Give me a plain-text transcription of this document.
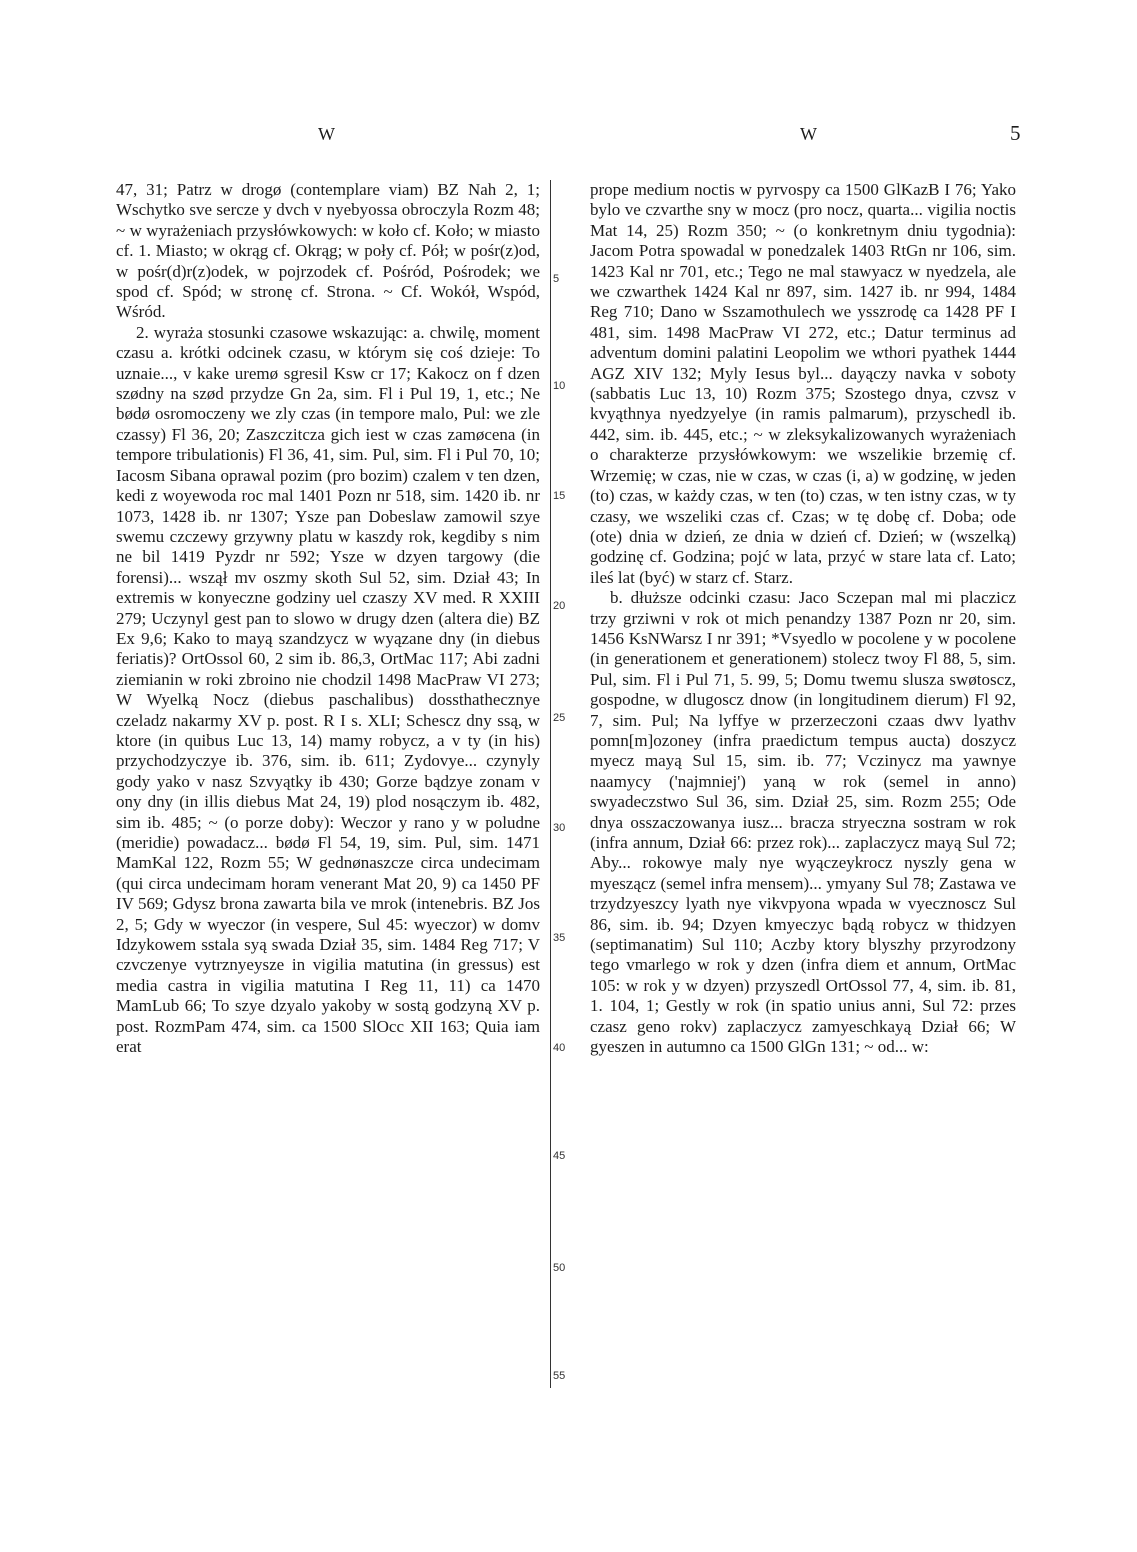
W	W	5

47, 31; Patrz w drogø (contemplare viam) BZ Nah 2, 1; Wschytko sve sercze y dvch v nyebyossa obroczyla Rozm 48; ~ w wyrażeniach przysłówkowych: w koło cf. Koło; w miasto cf. 1. Miasto; w okrąg cf. Okrąg; w poły cf. Pół; w pośr(z)od, w pośr(d)r(z)odek, w pojrzodek cf. Pośród, Pośrodek; we spod cf. Spód; w stronę cf. Strona. ~ Cf. Wokół, Wspód, Wśród.

2. wyraża stosunki czasowe wskazując: a. chwilę, moment czasu a. krótki odcinek czasu, w którym się coś dzieje: To uznaie..., v kake uremø sgresil Ksw cr 17; Kakocz on f dzen szødny na szød przydze Gn 2a, sim. Fl i Pul 19, 1, etc.; Ne bødø osromoczeny we zly czas (in tempore malo, Pul: we zle czassy) Fl 36, 20; Zaszczitcza gich iest w czas zamøcena (in tempore tribulationis) Fl 36, 41, sim. Pul, sim. Fl i Pul 70, 10; Iacosm Sibana oprawal pozim (pro bozim) czalem v ten dzen, kedi z woyewoda roc mal 1401 Pozn nr 518, sim. 1420 ib. nr 1073, 1428 ib. nr 1307; Ysze pan Dobeslaw zamowil szye swemu czczewy grzywny platu w kaszdy rok, kegdiby s nim ne bil 1419 Pyzdr nr 592; Ysze w dzyen targowy (die forensi)... wszął mv oszmy skoth Sul 52, sim. Dział 43; In extremis w konyeczne godziny uel czaszy XV med. R XXIII 279; Uczynyl gest pan to slowo w drugy dzen (altera die) BZ Ex 9,6; Kako to mayą szandzycz w wyązane dny (in diebus feriatis)? OrtOssol 60, 2 sim ib. 86,3, OrtMac 117; Abi zadni ziemianin w roki zbroino nie chodzil 1498 MacPraw VI 273; W Wyelką Nocz (diebus paschalibus) dossthathecznye czeladz nakarmy XV p. post. R I s. XLI; Schescz dny ssą, w ktore (in quibus Luc 13, 14) mamy robycz, a v ty (in his) przychodzyczye ib. 376, sim. ib. 611; Zydovye... czynyly gody yako v nasz Szvyątky ib 430; Gorze bądzye zonam v ony dny (in illis diebus Mat 24, 19) plod nosączym ib. 482, sim ib. 485; ~ (o porze doby): Weczor y rano y w poludne (meridie) powadacz... bødø Fl 54, 19, sim. Pul, sim. 1471 MamKal 122, Rozm 55; W gednønaszcze circa undecimam (qui circa undecimam horam venerant Mat 20, 9) ca 1450 PF IV 569; Gdysz brona zawarta bila ve mrok (intenebris. BZ Jos 2, 5; Gdy w wyeczor (in vespere, Sul 45: wyeczor) w domv Idzykowem sstala syą swada Dział 35, sim. 1484 Reg 717; V czvczenye vytrznyeysze in vigilia matutina (in gressus) est media castra in vigilia matutina I Reg 11, 11) ca 1470 MamLub 66; To szye dzyalo yakoby w sostą godzyną XV p. post. RozmPam 474, sim. ca 1500 SlOcc XII 163; Quia iam erat

5
10
15
20
25
30
35
40
45
50
55

prope medium noctis w pyrvospy ca 1500 GlKazB I 76; Yako bylo ve czvarthe sny w mocz (pro nocz, quarta... vigilia noctis Mat 14, 25) Rozm 350; ~ (o konkretnym dniu tygodnia): Jacom Potra spowadal w ponedzalek 1403 RtGn nr 106, sim. 1423 Kal nr 701, etc.; Tego ne mal stawyacz w nyedzela, ale we czwarthek 1424 Kal nr 897, sim. 1427 ib. nr 994, 1484 Reg 710; Dano w Sszamothulech we ysszrodę ca 1428 PF I 481, sim. 1498 MacPraw VI 272, etc.; Datur terminus ad adventum domini palatini Leopolim we wthori pyathek 1444 AGZ XIV 132; Myly Iesus byl... dayączy navka v soboty (sabbatis Luc 13, 10) Rozm 375; Szostego dnya, czvsz v kvyąthnya nyedzyelye (in ramis palmarum), przyschedl ib. 442, sim. ib. 445, etc.; ~ w zleksykalizowanych wyrażeniach o charakterze przysłówkowym: we wszelikie brzemię cf. Wrzemię; w czas, nie w czas, w czas (i, a) w godzinę, w jeden (to) czas, w każdy czas, w ten (to) czas, w ten istny czas, w ty czasy, we wszeliki czas cf. Czas; w tę dobę cf. Doba; ode (ote) dnia w dzień, ze dnia w dzień cf. Dzień; w (wszelką) godzinę cf. Godzina; pojć w lata, przyć w stare lata cf. Lato; ileś lat (być) w starz cf. Starz.

b. dłuższe odcinki czasu: Jaco Sczepan mal mi placzicz trzy grziwni v rok ot mich penandzy 1387 Pozn nr 20, sim. 1456 KsNWarsz I nr 391; *Vsyedlo w pocolene y w pocolene (in generationem et generationem) stolecz twoy Fl 88, 5, sim. Pul, sim. Fl i Pul 71, 5. 99, 5; Domu twemu slusza swøtoscz, gospodne, w dlugoscz dnow (in longitudinem dierum) Fl 92, 7, sim. Pul; Na lyffye w przerzeczoni czaas dwv lyathv pomn[m]ozoney (infra praedictum tempus aucta) doszycz myecz mayą Sul 15, sim. ib. 77; Vczinycz ma yawnye naamycy ('najmniej') yaną w rok (semel in anno) swyadeczstwo Sul 36, sim. Dział 25, sim. Rozm 255; Ode dnya osszaczowanya iusz... bracza stryeczna sostram w rok (infra annum, Dział 66: przez rok)... zaplaczycz mayą Sul 72; Aby... rokowye maly nye wyączeykrocz nyszly gena w myeszącz (semel infra mensem)... ymyany Sul 78; Zastawa ve trzydzyeszcy lyath nye vikvpyona wpada w vyecznoscz Sul 86, sim. ib. 94; Dzyen kmyeczyc bądą robycz w thidzyen (septimanatim) Sul 110; Aczby ktory blyszhy przyrodzony tego vmarlego w rok y dzen (infra diem et annum, OrtMac 105: w rok y w dzyen) przyszedl OrtOssol 77, 4, sim. ib. 81, 1. 104, 1; Gestly w rok (in spatio unius anni, Sul 72: przes czasz geno rokv) zaplaczycz zamyeschkayą Dział 66; W gyeszen in autumno ca 1500 GlGn 131; ~ od... w:
